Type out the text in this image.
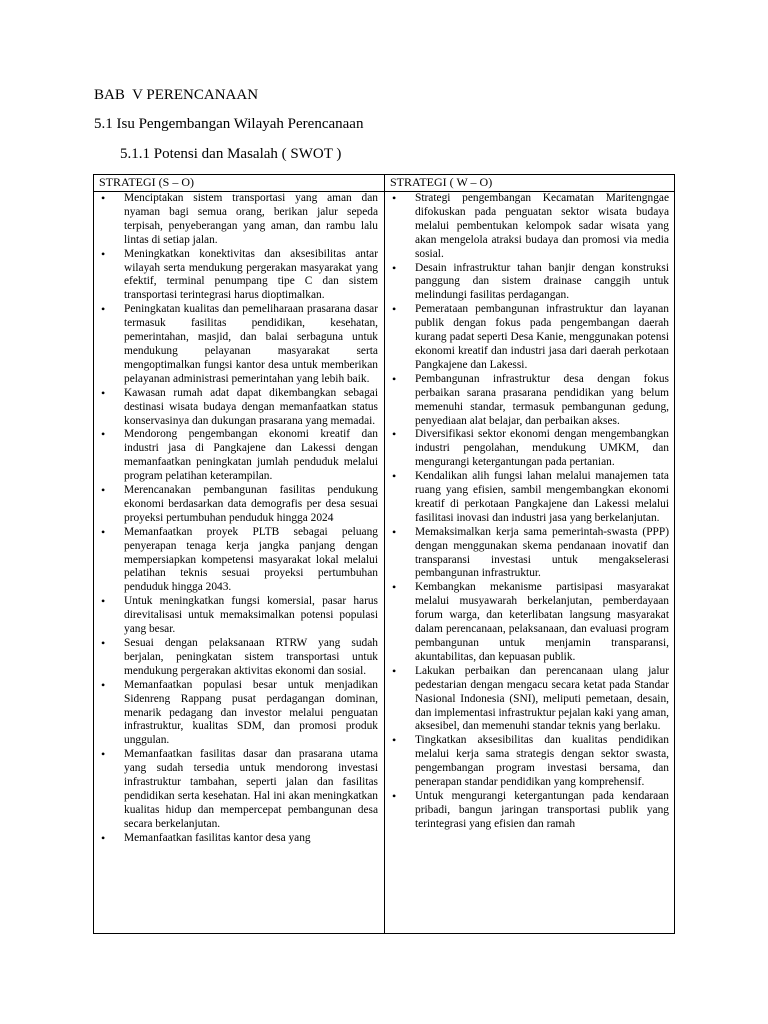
BAB  V PERENCANAAN
5.1 Isu Pengembangan Wilayah Perencanaan
5.1.1 Potensi dan Masalah ( SWOT )
STRATEGI (S – O)	STRATEGI ( W – O)
• Menciptakan sistem transportasi yang aman dan nyaman bagi semua orang, berikan jalur sepeda terpisah, penyeberangan yang aman, dan rambu lalu lintas di setiap jalan.
• Meningkatkan konektivitas dan aksesibilitas antar wilayah serta mendukung pergerakan masyarakat yang efektif, terminal penumpang tipe C dan sistem transportasi terintegrasi harus dioptimalkan.
• Peningkatan kualitas dan pemeliharaan prasarana dasar termasuk fasilitas pendidikan, kesehatan, pemerintahan, masjid, dan balai serbaguna untuk mendukung pelayanan masyarakat serta mengoptimalkan fungsi kantor desa untuk memberikan pelayanan administrasi pemerintahan yang lebih baik.
• Kawasan rumah adat dapat dikembangkan sebagai destinasi wisata budaya dengan memanfaatkan status konservasinya dan dukungan prasarana yang memadai.
• Mendorong pengembangan ekonomi kreatif dan industri jasa di Pangkajene dan Lakessi dengan memanfaatkan peningkatan jumlah penduduk melalui program pelatihan keterampilan.
• Merencanakan pembangunan fasilitas pendukung ekonomi berdasarkan data demografis per desa sesuai proyeksi pertumbuhan penduduk hingga 2024
• Memanfaatkan proyek PLTB sebagai peluang penyerapan tenaga kerja jangka panjang dengan mempersiapkan kompetensi masyarakat lokal melalui pelatihan teknis sesuai proyeksi pertumbuhan penduduk hingga 2043.
• Untuk meningkatkan fungsi komersial, pasar harus direvitalisasi untuk memaksimalkan potensi populasi yang besar.
• Sesuai dengan pelaksanaan RTRW yang sudah berjalan, peningkatan sistem transportasi untuk mendukung pergerakan aktivitas ekonomi dan sosial.
• Memanfaatkan populasi besar untuk menjadikan Sidenreng Rappang pusat perdagangan dominan, menarik pedagang dan investor melalui penguatan infrastruktur, kualitas SDM, dan promosi produk unggulan.
• Memanfaatkan fasilitas dasar dan prasarana utama yang sudah tersedia untuk mendorong investasi infrastruktur tambahan, seperti jalan dan fasilitas pendidikan serta kesehatan. Hal ini akan meningkatkan kualitas hidup dan mempercepat pembangunan desa secara berkelanjutan.
• Memanfaatkan fasilitas kantor desa yang
• Strategi pengembangan Kecamatan Maritengngae difokuskan pada penguatan sektor wisata budaya melalui pembentukan kelompok sadar wisata yang akan mengelola atraksi budaya dan promosi via media sosial.
• Desain infrastruktur tahan banjir dengan konstruksi panggung dan sistem drainase canggih untuk melindungi fasilitas perdagangan.
• Pemerataan pembangunan infrastruktur dan layanan publik dengan fokus pada pengembangan daerah kurang padat seperti Desa Kanie, menggunakan potensi ekonomi kreatif dan industri jasa dari daerah perkotaan Pangkajene dan Lakessi.
• Pembangunan infrastruktur desa dengan fokus perbaikan sarana prasarana pendidikan yang belum memenuhi standar, termasuk pembangunan gedung, penyediaan alat belajar, dan perbaikan akses.
• Diversifikasi sektor ekonomi dengan mengembangkan industri pengolahan, mendukung UMKM, dan mengurangi ketergantungan pada pertanian.
• Kendalikan alih fungsi lahan melalui manajemen tata ruang yang efisien, sambil mengembangkan ekonomi kreatif di perkotaan Pangkajene dan Lakessi melalui fasilitasi inovasi dan industri jasa yang berkelanjutan.
• Memaksimalkan kerja sama pemerintah-swasta (PPP) dengan menggunakan skema pendanaan inovatif dan transparansi investasi untuk mengakselerasi pembangunan infrastruktur.
• Kembangkan mekanisme partisipasi masyarakat melalui musyawarah berkelanjutan, pemberdayaan forum warga, dan keterlibatan langsung masyarakat dalam perencanaan, pelaksanaan, dan evaluasi program pembangunan untuk menjamin transparansi, akuntabilitas, dan kepuasan publik.
• Lakukan perbaikan dan perencanaan ulang jalur pedestarian dengan mengacu secara ketat pada Standar Nasional Indonesia (SNI), meliputi pemetaan, desain, dan implementasi infrastruktur pejalan kaki yang aman, aksesibel, dan memenuhi standar teknis yang berlaku.
• Tingkatkan aksesibilitas dan kualitas pendidikan melalui kerja sama strategis dengan sektor swasta, pengembangan program investasi bersama, dan penerapan standar pendidikan yang komprehensif.
• Untuk mengurangi ketergantungan pada kendaraan pribadi, bangun jaringan transportasi publik yang terintegrasi yang efisien dan ramah
